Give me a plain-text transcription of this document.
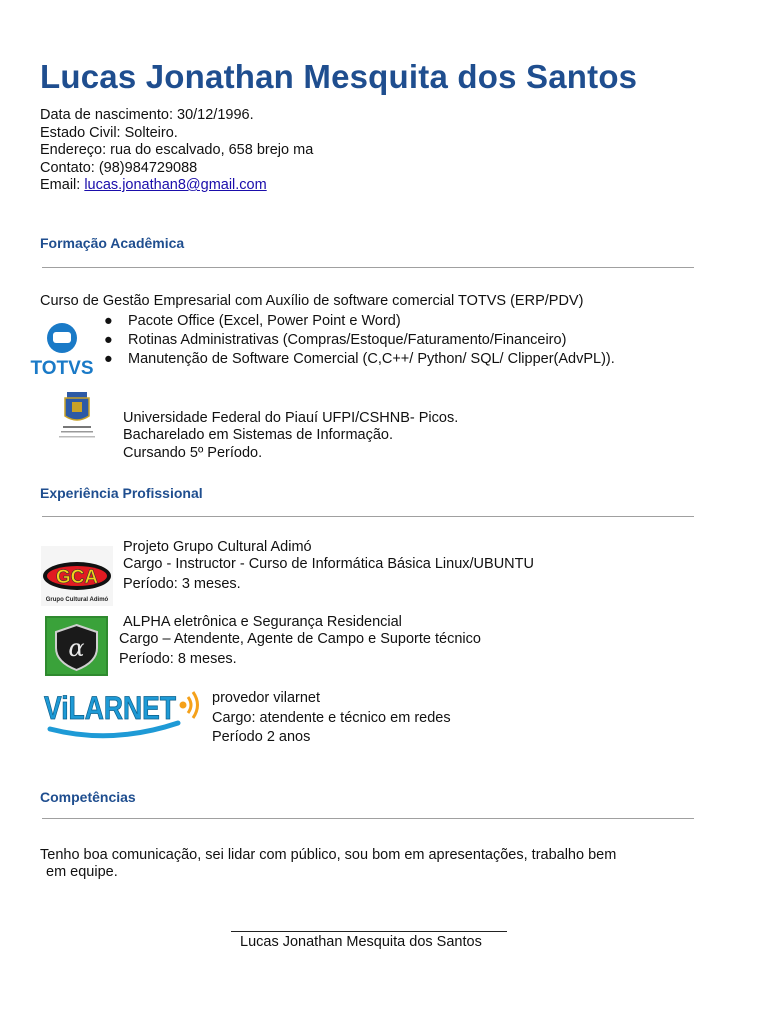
Lucas Jonathan Mesquita dos Santos
Data de nascimento: 30/12/1996.
Estado Civil: Solteiro.
Endereço: rua do escalvado, 658 brejo ma
Contato: (98)984729088
Email: lucas.jonathan8@gmail.com
Formação Acadêmica
Curso de Gestão Empresarial com Auxílio de software comercial TOTVS (ERP/PDV)
TOTVS
● Pacote Office (Excel, Power Point e Word)
● Rotinas Administrativas (Compras/Estoque/Faturamento/Financeiro)
● Manutenção de Software Comercial (C,C++/ Python/ SQL/ Clipper(AdvPL)).
Universidade Federal do Piauí UFPI/CSHNB- Picos.
Bacharelado em Sistemas de Informação.
Cursando 5º Período.
Experiência Profissional
GCA
Grupo Cultural Adimó
Projeto Grupo Cultural Adimó
Cargo - Instructor - Curso de Informática Básica Linux/UBUNTU
Período: 3 meses.
α
ALPHA eletrônica e Segurança Residencial
Cargo – Atendente, Agente de Campo e Suporte técnico
Período: 8 meses.
ViLARNET provedor vilarnet
Cargo: atendente e técnico em redes
Período 2 anos
Competências
Tenho boa comunicação, sei lidar com público, sou bom em apresentações, trabalho bem
em equipe.
Lucas Jonathan Mesquita dos Santos
